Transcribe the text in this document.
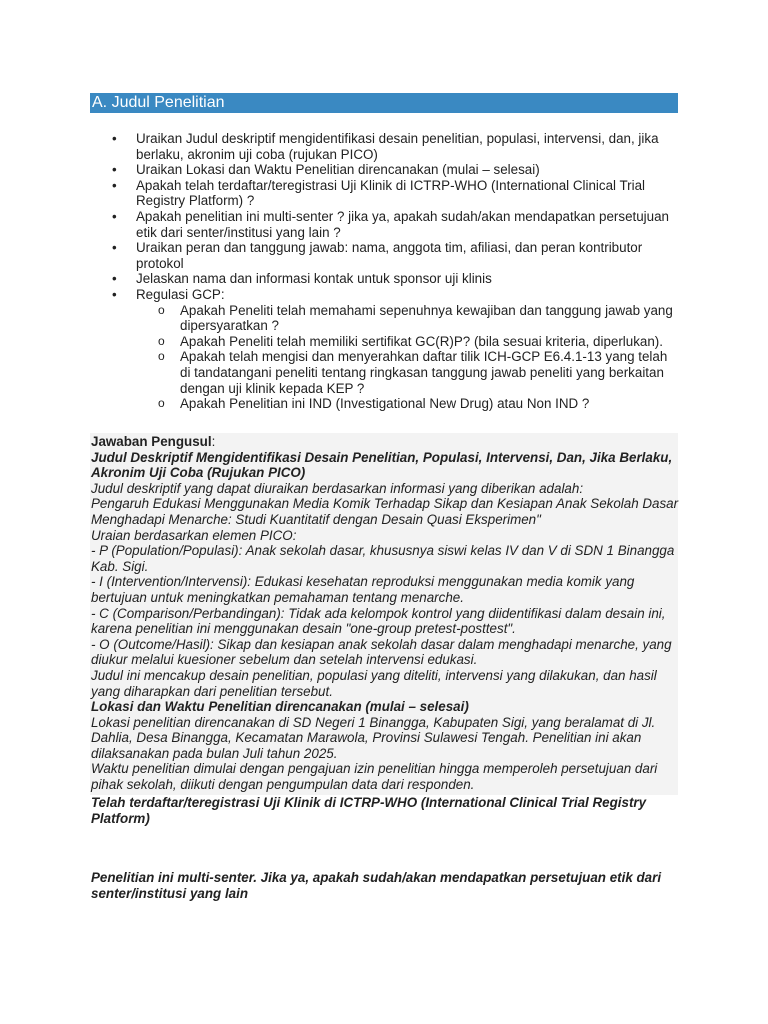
A. Judul Penelitian
• Uraikan Judul deskriptif mengidentifikasi desain penelitian, populasi, intervensi, dan, jika berlaku, akronim uji coba (rujukan PICO)
• Uraikan Lokasi dan Waktu Penelitian direncanakan (mulai – selesai)
• Apakah telah terdaftar/teregistrasi Uji Klinik di ICTRP-WHO (International Clinical Trial Registry Platform) ?
• Apakah penelitian ini multi-senter ? jika ya, apakah sudah/akan mendapatkan persetujuan etik dari senter/institusi yang lain ?
• Uraikan peran dan tanggung jawab: nama, anggota tim, afiliasi, dan peran kontributor protokol
• Jelaskan nama dan informasi kontak untuk sponsor uji klinis
• Regulasi GCP:
o Apakah Peneliti telah memahami sepenuhnya kewajiban dan tanggung jawab yang dipersyaratkan ?
o Apakah Peneliti telah memiliki sertifikat GC(R)P? (bila sesuai kriteria, diperlukan).
o Apakah telah mengisi dan menyerahkan daftar tilik ICH-GCP E6.4.1-13 yang telah di tandatangani peneliti tentang ringkasan tanggung jawab peneliti yang berkaitan dengan uji klinik kepada KEP ?
o Apakah Penelitian ini IND (Investigational New Drug) atau Non IND ?

Jawaban Pengusul:

Judul Deskriptif Mengidentifikasi Desain Penelitian, Populasi, Intervensi, Dan, Jika Berlaku, Akronim Uji Coba (Rujukan PICO)

Judul deskriptif yang dapat diuraikan berdasarkan informasi yang diberikan adalah:

Pengaruh Edukasi Menggunakan Media Komik Terhadap Sikap dan Kesiapan Anak Sekolah Dasar Menghadapi Menarche: Studi Kuantitatif dengan Desain Quasi Eksperimen"

Uraian berdasarkan elemen PICO:

- P (Population/Populasi): Anak sekolah dasar, khususnya siswi kelas IV dan V di SDN 1 Binangga Kab. Sigi.

- I (Intervention/Intervensi): Edukasi kesehatan reproduksi menggunakan media komik yang bertujuan untuk meningkatkan pemahaman tentang menarche.

- C (Comparison/Perbandingan): Tidak ada kelompok kontrol yang diidentifikasi dalam desain ini, karena penelitian ini menggunakan desain "one-group pretest-posttest".

- O (Outcome/Hasil): Sikap dan kesiapan anak sekolah dasar dalam menghadapi menarche, yang diukur melalui kuesioner sebelum dan setelah intervensi edukasi.

Judul ini mencakup desain penelitian, populasi yang diteliti, intervensi yang dilakukan, dan hasil yang diharapkan dari penelitian tersebut.

Lokasi dan Waktu Penelitian direncanakan (mulai – selesai)

Lokasi penelitian direncanakan di SD Negeri 1 Binangga, Kabupaten Sigi, yang beralamat di Jl. Dahlia, Desa Binangga, Kecamatan Marawola, Provinsi Sulawesi Tengah. Penelitian ini akan dilaksanakan pada bulan Juli tahun 2025.

Waktu penelitian dimulai dengan pengajuan izin penelitian hingga memperoleh persetujuan dari pihak sekolah, diikuti dengan pengumpulan data dari responden.

Telah terdaftar/teregistrasi Uji Klinik di ICTRP-WHO (International Clinical Trial Registry Platform)

Penelitian ini multi-senter. Jika ya, apakah sudah/akan mendapatkan persetujuan etik dari senter/institusi yang lain
